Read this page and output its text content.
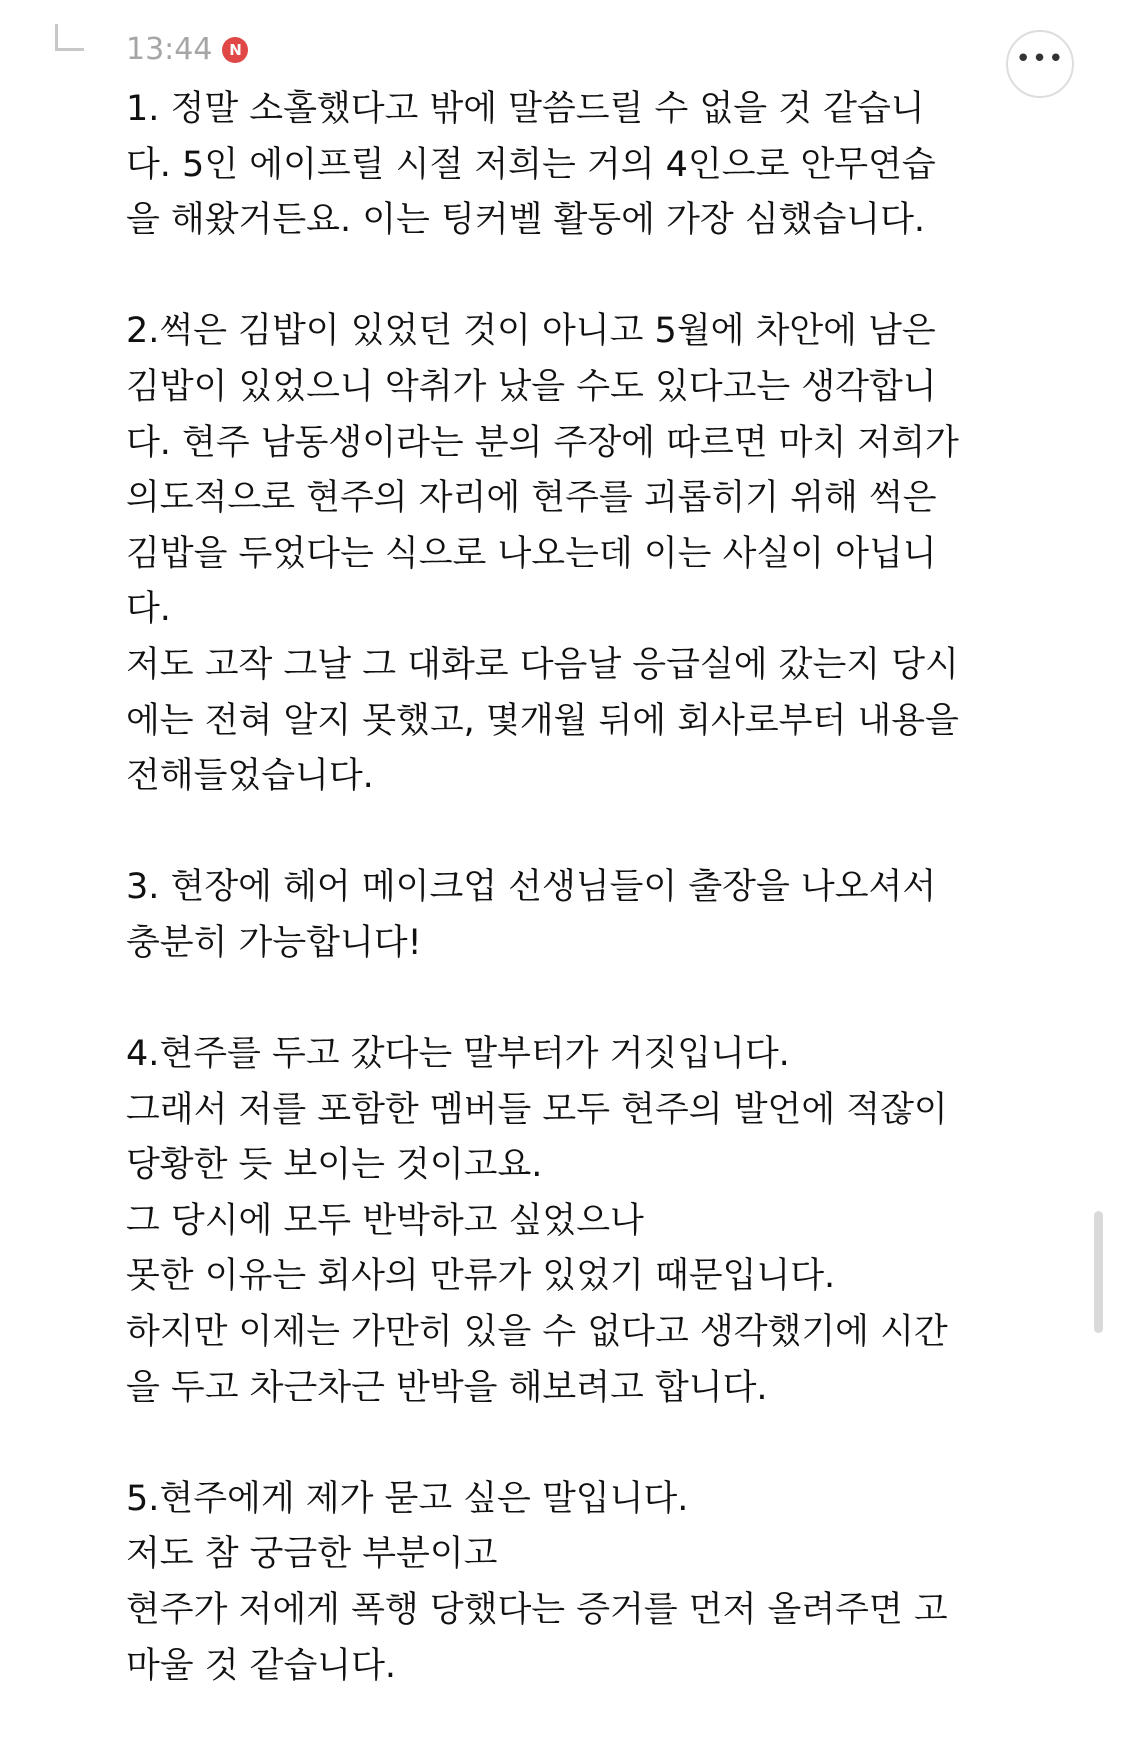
13:44	N	•••
1. 정말 소홀했다고 밖에 말씀드릴 수 없을 것 같습니
다. 5인 에이프릴 시절 저희는 거의 4인으로 안무연습
을 해왔거든요. 이는 팅커벨 활동에 가장 심했습니다.
2.썩은 김밥이 있었던 것이 아니고 5월에 차안에 남은
김밥이 있었으니 악취가 났을 수도 있다고는 생각합니
다. 현주 남동생이라는 분의 주장에 따르면 마치 저희가
의도적으로 현주의 자리에 현주를 괴롭히기 위해 썩은
김밥을 두었다는 식으로 나오는데 이는 사실이 아닙니
다.
저도 고작 그날 그 대화로 다음날 응급실에 갔는지 당시
에는 전혀 알지 못했고, 몇개월 뒤에 회사로부터 내용을
전해들었습니다.
3. 현장에 헤어 메이크업 선생님들이 출장을 나오셔서
충분히 가능합니다!
4.현주를 두고 갔다는 말부터가 거짓입니다.
그래서 저를 포함한 멤버들 모두 현주의 발언에 적잖이
당황한 듯 보이는 것이고요.
그 당시에 모두 반박하고 싶었으나
못한 이유는 회사의 만류가 있었기 때문입니다.
하지만 이제는 가만히 있을 수 없다고 생각했기에 시간
을 두고 차근차근 반박을 해보려고 합니다.
5.현주에게 제가 묻고 싶은 말입니다.
저도 참 궁금한 부분이고
현주가 저에게 폭행 당했다는 증거를 먼저 올려주면 고
마울 것 같습니다.
